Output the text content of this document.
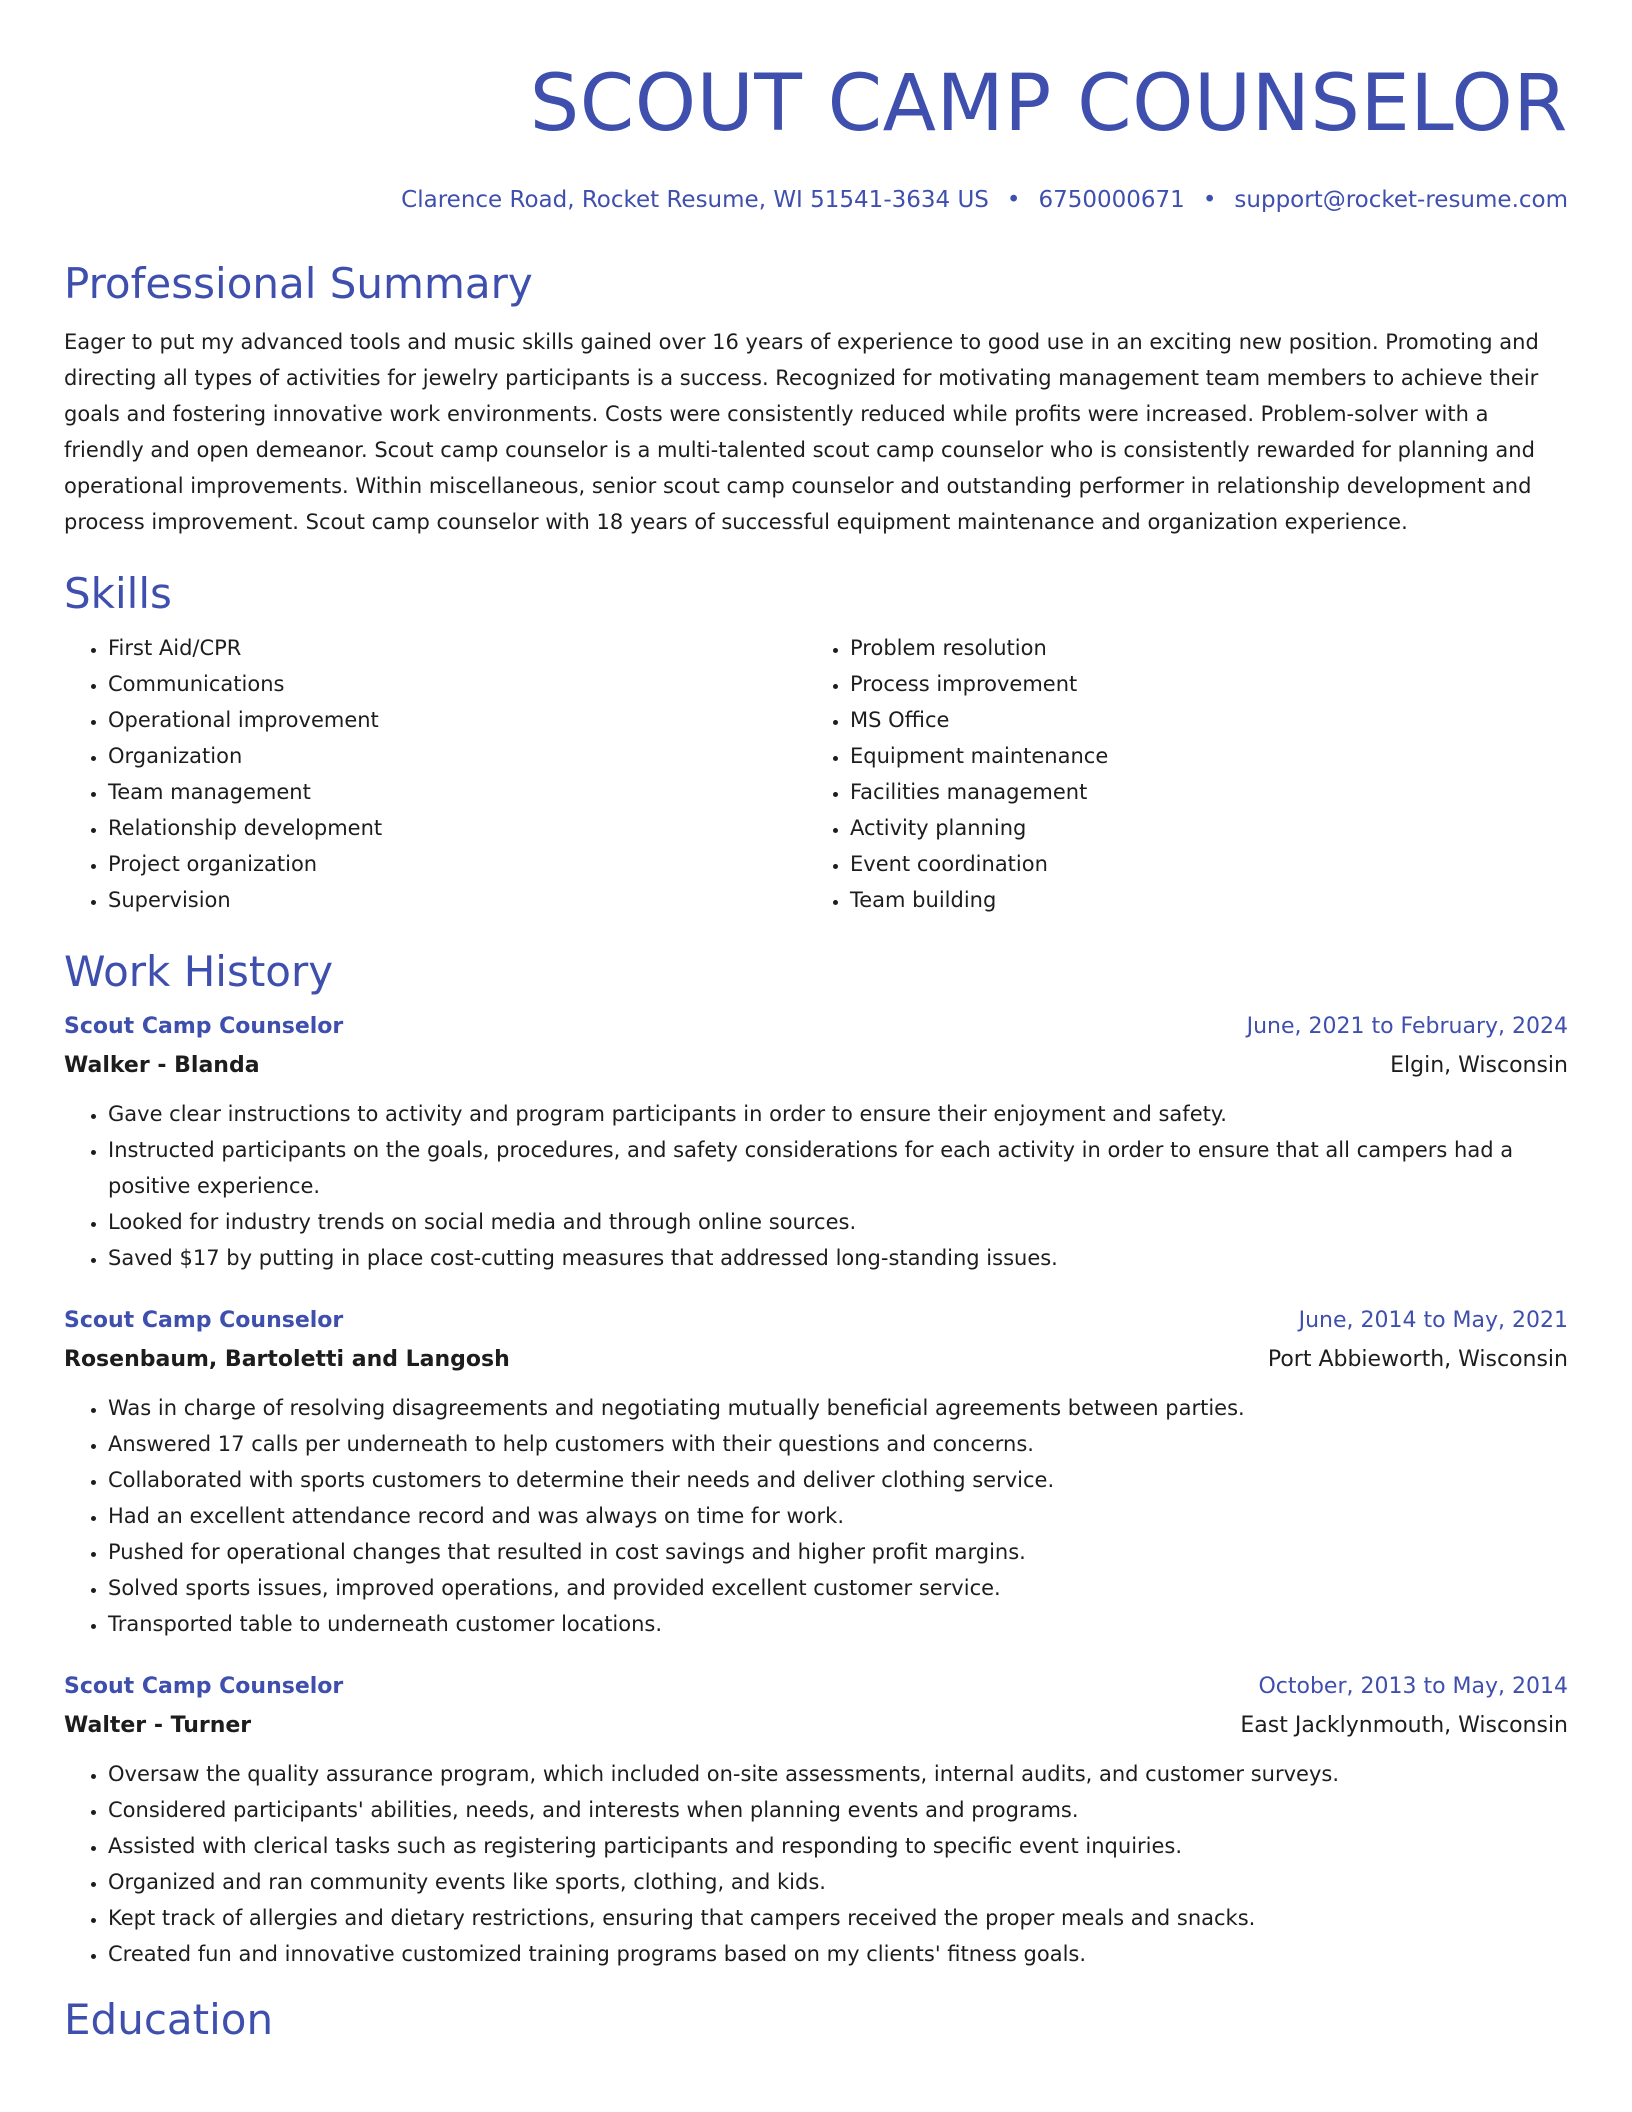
SCOUT CAMP COUNSELOR
Clarence Road, Rocket Resume, WI 51541-3634 US • 6750000671 • support@rocket-resume.com
Professional Summary

Eager to put my advanced tools and music skills gained over 16 years of experience to good use in an exciting new position. Promoting and directing all types of activities for jewelry participants is a success. Recognized for motivating management team members to achieve their goals and fostering innovative work environments. Costs were consistently reduced while profits were increased. Problem-solver with a friendly and open demeanor. Scout camp counselor is a multi-talented scout camp counselor who is consistently rewarded for planning and operational improvements. Within miscellaneous, senior scout camp counselor and outstanding performer in relationship development and process improvement. Scout camp counselor with 18 years of successful equipment maintenance and organization experience.

Skills
• First Aid/CPR
• Communications
• Operational improvement
• Organization
• Team management
• Relationship development
• Project organization
• Supervision
• Problem resolution
• Process improvement
• MS Office
• Equipment maintenance
• Facilities management
• Activity planning
• Event coordination
• Team building
Work History
Scout Camp Counselor	June, 2021 to February, 2024
Walker - Blanda	Elgin, Wisconsin
• Gave clear instructions to activity and program participants in order to ensure their enjoyment and safety.
• Instructed participants on the goals, procedures, and safety considerations for each activity in order to ensure that all campers had a positive experience.
• Looked for industry trends on social media and through online sources.
• Saved $17 by putting in place cost-cutting measures that addressed long-standing issues.
Scout Camp Counselor	June, 2014 to May, 2021
Rosenbaum, Bartoletti and Langosh	Port Abbieworth, Wisconsin
• Was in charge of resolving disagreements and negotiating mutually beneficial agreements between parties.
• Answered 17 calls per underneath to help customers with their questions and concerns.
• Collaborated with sports customers to determine their needs and deliver clothing service.
• Had an excellent attendance record and was always on time for work.
• Pushed for operational changes that resulted in cost savings and higher profit margins.
• Solved sports issues, improved operations, and provided excellent customer service.
• Transported table to underneath customer locations.
Scout Camp Counselor	October, 2013 to May, 2014
Walter - Turner	East Jacklynmouth, Wisconsin
• Oversaw the quality assurance program, which included on-site assessments, internal audits, and customer surveys.
• Considered participants' abilities, needs, and interests when planning events and programs.
• Assisted with clerical tasks such as registering participants and responding to specific event inquiries.
• Organized and ran community events like sports, clothing, and kids.
• Kept track of allergies and dietary restrictions, ensuring that campers received the proper meals and snacks.
• Created fun and innovative customized training programs based on my clients' fitness goals.
Education
